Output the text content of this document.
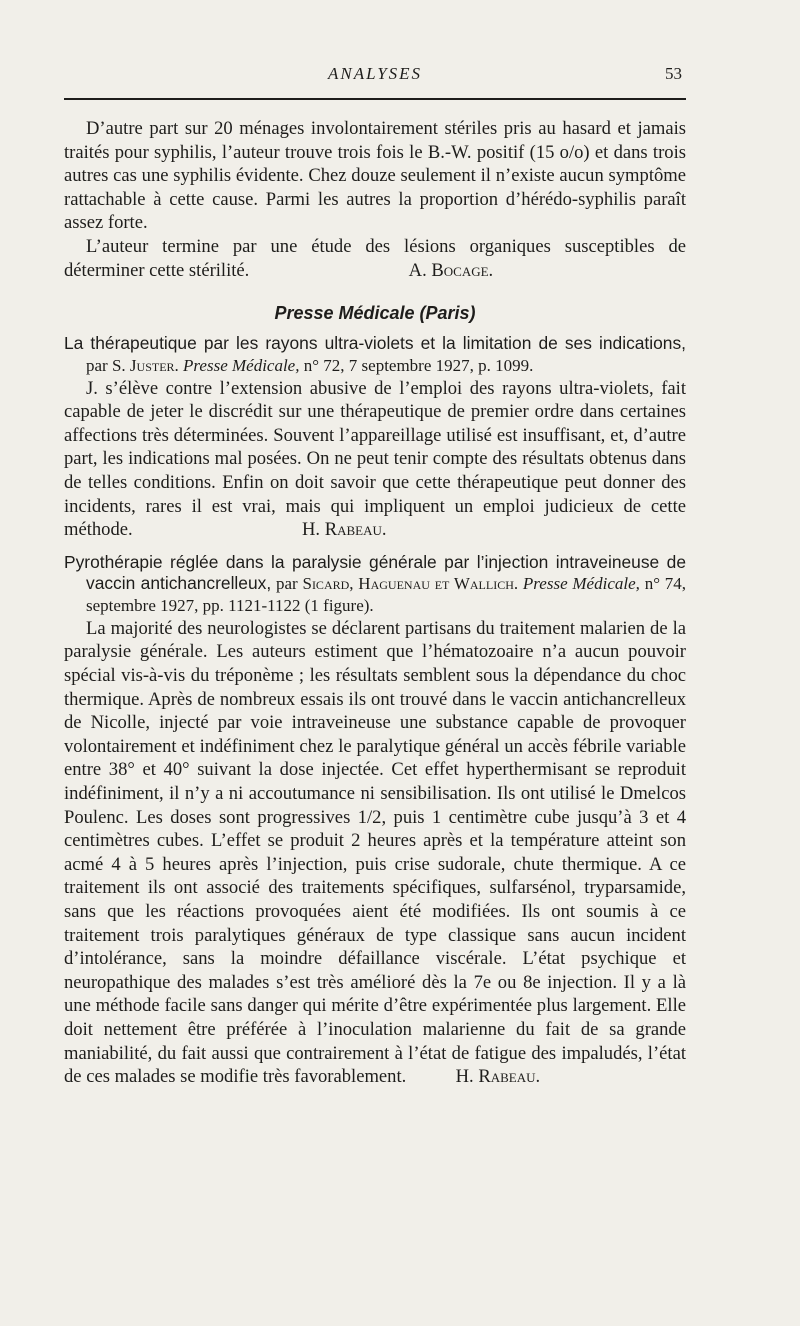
ANALYSES	53

D’autre part sur 20 ménages involontairement stériles pris au hasard et jamais traités pour syphilis, l’auteur trouve trois fois le B.-W. positif (15 o/o) et dans trois autres cas une syphilis évidente. Chez douze seulement il n’existe aucun symptôme rattachable à cette cause. Parmi les autres la proportion d’hérédo-syphilis paraît assez forte.

L’auteur termine par une étude des lésions organiques susceptibles de déterminer cette stérilité.	A. Bocage.

Presse Médicale (Paris)

La thérapeutique par les rayons ultra-violets et la limitation de ses indications, par S. Juster. Presse Médicale, n° 72, 7 septembre 1927, p. 1099.

J. s’élève contre l’extension abusive de l’emploi des rayons ultra-violets, fait capable de jeter le discrédit sur une thérapeutique de premier ordre dans certaines affections très déterminées. Souvent l’appareillage utilisé est insuffisant, et, d’autre part, les indications mal posées. On ne peut tenir compte des résultats obtenus dans de telles conditions. Enfin on doit savoir que cette thérapeutique peut donner des incidents, rares il est vrai, mais qui impliquent un emploi judicieux de cette méthode.	H. Rabeau.

Pyrothérapie réglée dans la paralysie générale par l’injection intraveineuse de vaccin antichancrelleux, par Sicard, Haguenau et Wallich. Presse Médicale, n° 74, septembre 1927, pp. 1121-1122 (1 figure).

La majorité des neurologistes se déclarent partisans du traitement malarien de la paralysie générale. Les auteurs estiment que l’hématozoaire n’a aucun pouvoir spécial vis-à-vis du tréponème ; les résultats semblent sous la dépendance du choc thermique. Après de nombreux essais ils ont trouvé dans le vaccin antichancrelleux de Nicolle, injecté par voie intraveineuse une substance capable de provoquer volontairement et indéfiniment chez le paralytique général un accès fébrile variable entre 38° et 40° suivant la dose injectée. Cet effet hyperthermisant se reproduit indéfiniment, il n’y a ni accoutumance ni sensibilisation. Ils ont utilisé le Dmelcos Poulenc. Les doses sont progressives 1/2, puis 1 centimètre cube jusqu’à 3 et 4 centimètres cubes. L’effet se produit 2 heures après et la température atteint son acmé 4 à 5 heures après l’injection, puis crise sudorale, chute thermique. A ce traitement ils ont associé des traitements spécifiques, sulfarsénol, tryparsamide, sans que les réactions provoquées aient été modifiées. Ils ont soumis à ce traitement trois paralytiques généraux de type classique sans aucun incident d’intolérance, sans la moindre défaillance viscérale. L’état psychique et neuropathique des malades s’est très amélioré dès la 7e ou 8e injection. Il y a là une méthode facile sans danger qui mérite d’être expérimentée plus largement. Elle doit nettement être préférée à l’inoculation malarienne du fait de sa grande maniabilité, du fait aussi que contrairement à l’état de fatigue des impaludés, l’état de ces malades se modifie très favorablement.	H. Rabeau.
